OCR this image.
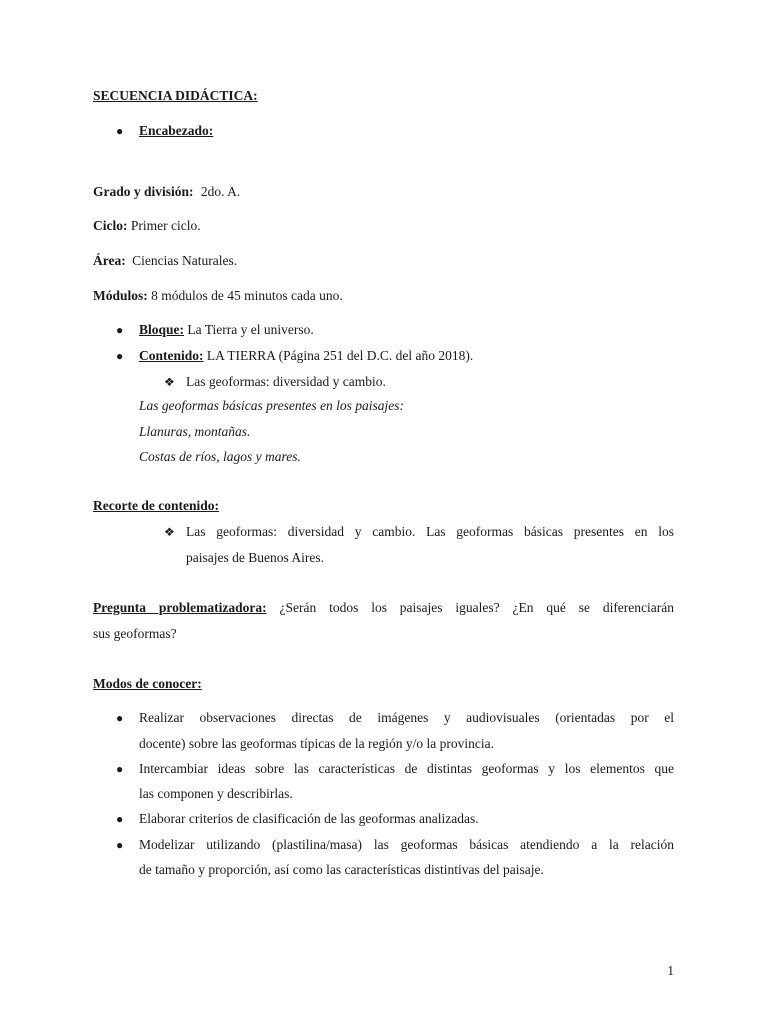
SECUENCIA DIDÁCTICA:
● Encabezado:
Grado y división: 2do. A.
Ciclo: Primer ciclo.
Área: Ciencias Naturales.
Módulos: 8 módulos de 45 minutos cada uno.
● Bloque: La Tierra y el universo.
● Contenido: LA TIERRA (Página 251 del D.C. del año 2018).
❖ Las geoformas: diversidad y cambio.
Las geoformas básicas presentes en los paisajes:
Llanuras, montañas.
Costas de ríos, lagos y mares.
Recorte de contenido:
❖ Las geoformas: diversidad y cambio. Las geoformas básicas presentes en los
paisajes de Buenos Aires.
Pregunta problematizadora: ¿Serán todos los paisajes iguales? ¿En qué se diferenciarán
sus geoformas?
Modos de conocer:
● Realizar observaciones directas de imágenes y audiovisuales (orientadas por el
docente) sobre las geoformas típicas de la región y/o la provincia.
● Intercambiar ideas sobre las características de distintas geoformas y los elementos que
las componen y describirlas.
● Elaborar criterios de clasificación de las geoformas analizadas.
● Modelizar utilizando (plastilina/masa) las geoformas básicas atendiendo a la relación
de tamaño y proporción, así como las características distintivas del paisaje.
1
